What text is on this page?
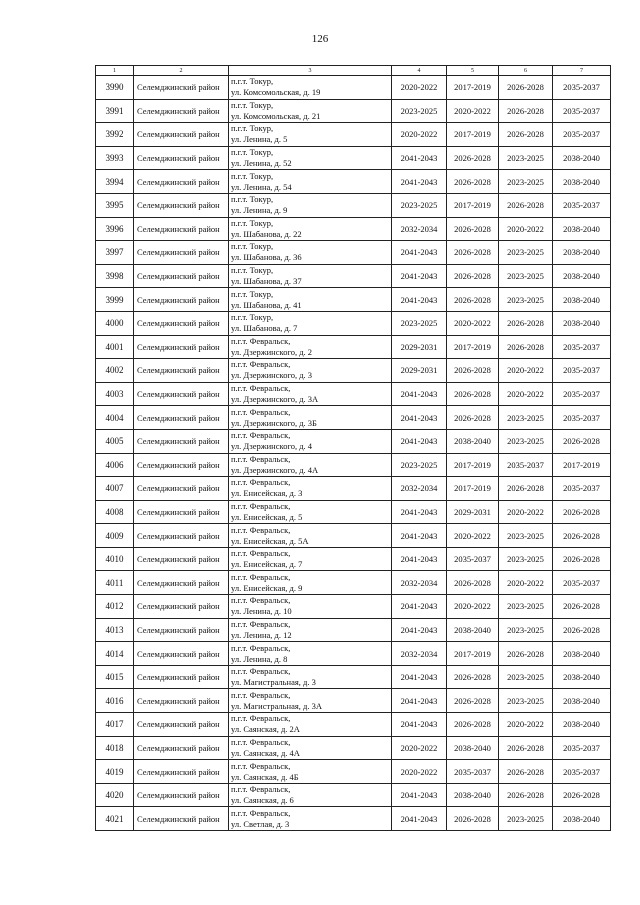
126
1	2	3	4	5	6	7
3990	Селемджинский район	п.г.т. Токур,
ул. Комсомольская, д. 19	2020-2022	2017-2019	2026-2028	2035-2037
3991	Селемджинский район	п.г.т. Токур,
ул. Комсомольская, д. 21	2023-2025	2020-2022	2026-2028	2035-2037
3992	Селемджинский район	п.г.т. Токур,
ул. Ленина, д. 5	2020-2022	2017-2019	2026-2028	2035-2037
3993	Селемджинский район	п.г.т. Токур,
ул. Ленина, д. 52	2041-2043	2026-2028	2023-2025	2038-2040
3994	Селемджинский район	п.г.т. Токур,
ул. Ленина, д. 54	2041-2043	2026-2028	2023-2025	2038-2040
3995	Селемджинский район	п.г.т. Токур,
ул. Ленина, д. 9	2023-2025	2017-2019	2026-2028	2035-2037
3996	Селемджинский район	п.г.т. Токур,
ул. Шабанова, д. 22	2032-2034	2026-2028	2020-2022	2038-2040
3997	Селемджинский район	п.г.т. Токур,
ул. Шабанова, д. 36	2041-2043	2026-2028	2023-2025	2038-2040
3998	Селемджинский район	п.г.т. Токур,
ул. Шабанова, д. 37	2041-2043	2026-2028	2023-2025	2038-2040
3999	Селемджинский район	п.г.т. Токур,
ул. Шабанова, д. 41	2041-2043	2026-2028	2023-2025	2038-2040
4000	Селемджинский район	п.г.т. Токур,
ул. Шабанова, д. 7	2023-2025	2020-2022	2026-2028	2038-2040
4001	Селемджинский район	п.г.т. Февральск,
ул. Дзержинского, д. 2	2029-2031	2017-2019	2026-2028	2035-2037
4002	Селемджинский район	п.г.т. Февральск,
ул. Дзержинского, д. 3	2029-2031	2026-2028	2020-2022	2035-2037
4003	Селемджинский район	п.г.т. Февральск,
ул. Дзержинского, д. 3А	2041-2043	2026-2028	2020-2022	2035-2037
4004	Селемджинский район	п.г.т. Февральск,
ул. Дзержинского, д. 3Б	2041-2043	2026-2028	2023-2025	2035-2037
4005	Селемджинский район	п.г.т. Февральск,
ул. Дзержинского, д. 4	2041-2043	2038-2040	2023-2025	2026-2028
4006	Селемджинский район	п.г.т. Февральск,
ул. Дзержинского, д. 4А	2023-2025	2017-2019	2035-2037	2017-2019
4007	Селемджинский район	п.г.т. Февральск,
ул. Енисейская, д. 3	2032-2034	2017-2019	2026-2028	2035-2037
4008	Селемджинский район	п.г.т. Февральск,
ул. Енисейская, д. 5	2041-2043	2029-2031	2020-2022	2026-2028
4009	Селемджинский район	п.г.т. Февральск,
ул. Енисейская, д. 5А	2041-2043	2020-2022	2023-2025	2026-2028
4010	Селемджинский район	п.г.т. Февральск,
ул. Енисейская, д. 7	2041-2043	2035-2037	2023-2025	2026-2028
4011	Селемджинский район	п.г.т. Февральск,
ул. Енисейская, д. 9	2032-2034	2026-2028	2020-2022	2035-2037
4012	Селемджинский район	п.г.т. Февральск,
ул. Ленина, д. 10	2041-2043	2020-2022	2023-2025	2026-2028
4013	Селемджинский район	п.г.т. Февральск,
ул. Ленина, д. 12	2041-2043	2038-2040	2023-2025	2026-2028
4014	Селемджинский район	п.г.т. Февральск,
ул. Ленина, д. 8	2032-2034	2017-2019	2026-2028	2038-2040
4015	Селемджинский район	п.г.т. Февральск,
ул. Магистральная, д. 3	2041-2043	2026-2028	2023-2025	2038-2040
4016	Селемджинский район	п.г.т. Февральск,
ул. Магистральная, д. 3А	2041-2043	2026-2028	2023-2025	2038-2040
4017	Селемджинский район	п.г.т. Февральск,
ул. Саянская, д. 2А	2041-2043	2026-2028	2020-2022	2038-2040
4018	Селемджинский район	п.г.т. Февральск,
ул. Саянская, д. 4А	2020-2022	2038-2040	2026-2028	2035-2037
4019	Селемджинский район	п.г.т. Февральск,
ул. Саянская, д. 4Б	2020-2022	2035-2037	2026-2028	2035-2037
4020	Селемджинский район	п.г.т. Февральск,
ул. Саянская, д. 6	2041-2043	2038-2040	2026-2028	2026-2028
4021	Селемджинский район	п.г.т. Февральск,
ул. Светлая, д. 3	2041-2043	2026-2028	2023-2025	2038-2040
